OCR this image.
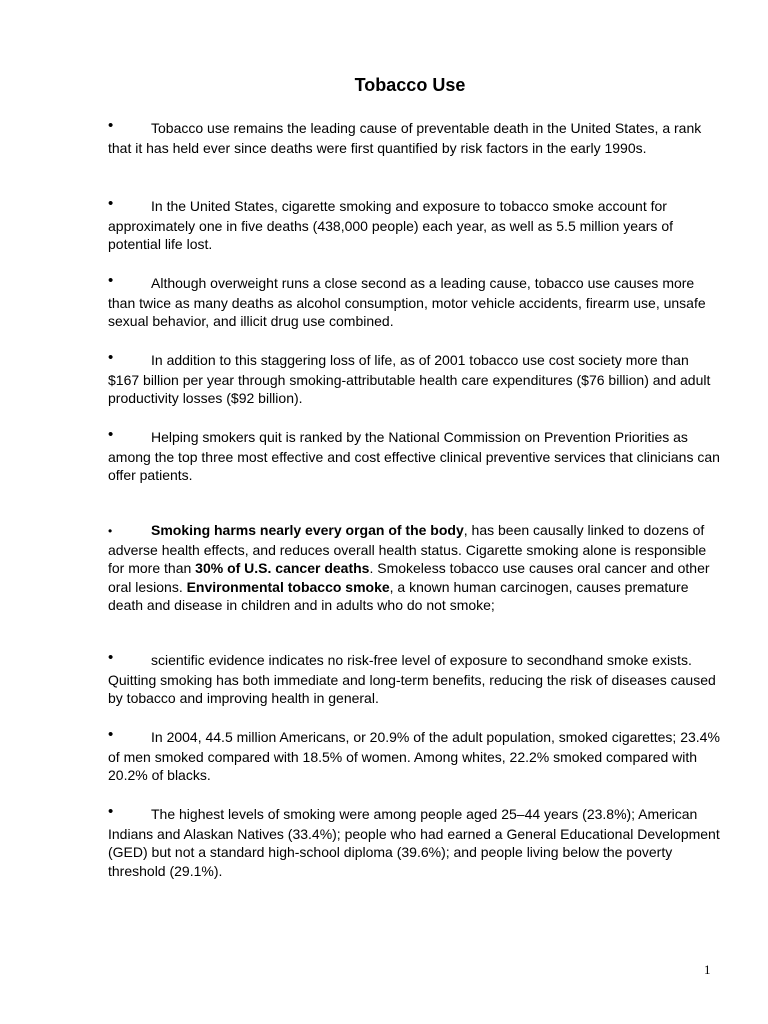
Tobacco Use

•	Tobacco use remains the leading cause of preventable death in the United States, a rank that it has held ever since deaths were first quantified by risk factors in the early 1990s.

•	In the United States, cigarette smoking and exposure to tobacco smoke account for approximately one in five deaths (438,000 people) each year, as well as 5.5 million years of potential life lost.

•	Although overweight runs a close second as a leading cause, tobacco use causes more than twice as many deaths as alcohol consumption, motor vehicle accidents, firearm use, unsafe sexual behavior, and illicit drug use combined.

•	In addition to this staggering loss of life, as of 2001 tobacco use cost society more than $167 billion per year through smoking-attributable health care expenditures ($76 billion) and adult productivity losses ($92 billion).

•	Helping smokers quit is ranked by the National Commission on Prevention Priorities as among the top three most effective and cost effective clinical preventive services that clinicians can offer patients.

•	Smoking harms nearly every organ of the body, has been causally linked to dozens of adverse health effects, and reduces overall health status. Cigarette smoking alone is responsible for more than 30% of U.S. cancer deaths. Smokeless tobacco use causes oral cancer and other oral lesions. Environmental tobacco smoke, a known human carcinogen, causes premature death and disease in children and in adults who do not smoke;

•	scientific evidence indicates no risk-free level of exposure to secondhand smoke exists. Quitting smoking has both immediate and long-term benefits, reducing the risk of diseases caused by tobacco and improving health in general.

•	In 2004, 44.5 million Americans, or 20.9% of the adult population, smoked cigarettes; 23.4% of men smoked compared with 18.5% of women. Among whites, 22.2% smoked compared with 20.2% of blacks.

•	The highest levels of smoking were among people aged 25–44 years (23.8%); American Indians and Alaskan Natives (33.4%); people who had earned a General Educational Development (GED) but not a standard high-school diploma (39.6%); and people living below the poverty threshold (29.1%).

1
